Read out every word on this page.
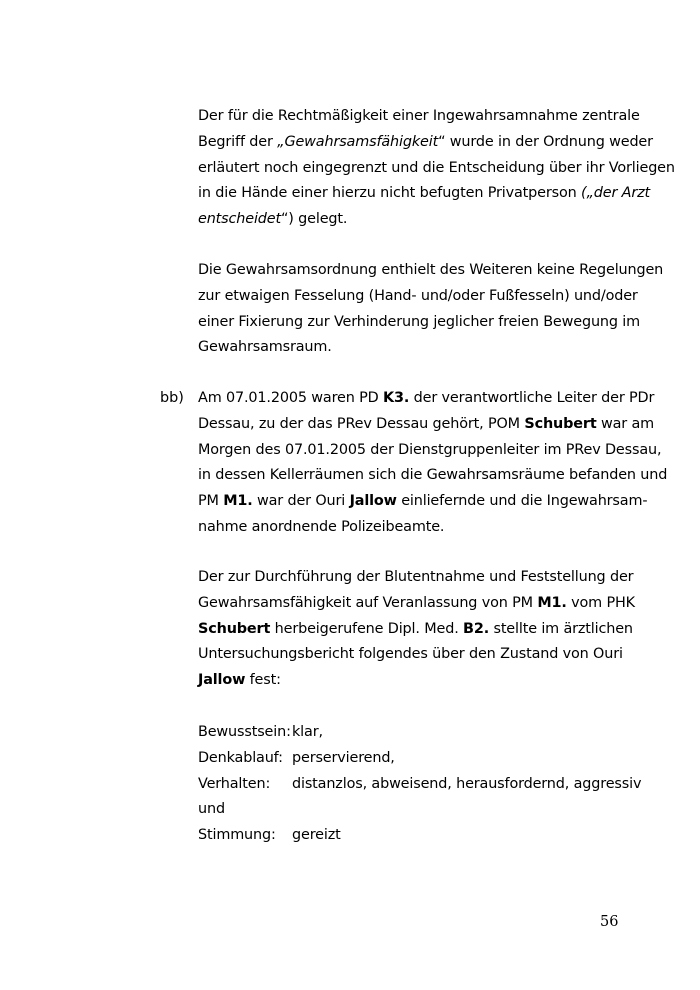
Der für die Rechtmäßigkeit einer Ingewahrsamnahme zentrale

Begriff der „Gewahrsamsfähigkeit“ wurde in der Ordnung weder

erläutert noch eingegrenzt und die Entscheidung über ihr Vorliegen

in die Hände einer hierzu nicht befugten Privatperson („der Arzt

entscheidet“) gelegt.

Die Gewahrsamsordnung enthielt des Weiteren keine Regelungen

zur etwaigen Fesselung (Hand- und/oder Fußfesseln) und/oder

einer Fixierung zur Verhinderung jeglicher freien Bewegung im

Gewahrsamsraum.

bb) Am 07.01.2005 waren PD K3. der verantwortliche Leiter der PDr

Dessau, zu der das PRev Dessau gehört, POM Schubert war am

Morgen des 07.01.2005 der Dienstgruppenleiter im PRev Dessau,

in dessen Kellerräumen sich die Gewahrsamsräume befanden und

PM M1. war der Ouri Jallow einliefernde und die Ingewahrsam-

nahme anordnende Polizeibeamte.

Der zur Durchführung der Blutentnahme und Feststellung der

Gewahrsamsfähigkeit auf Veranlassung von PM M1. vom PHK

Schubert herbeigerufene Dipl. Med. B2. stellte im ärztlichen

Untersuchungsbericht folgendes über den Zustand von Ouri

Jallow fest:

Bewusstsein:klar,

Denkablauf: perservierend,

Verhalten: distanzlos, abweisend, herausfordernd, aggressiv

und

Stimmung: gereizt

56
